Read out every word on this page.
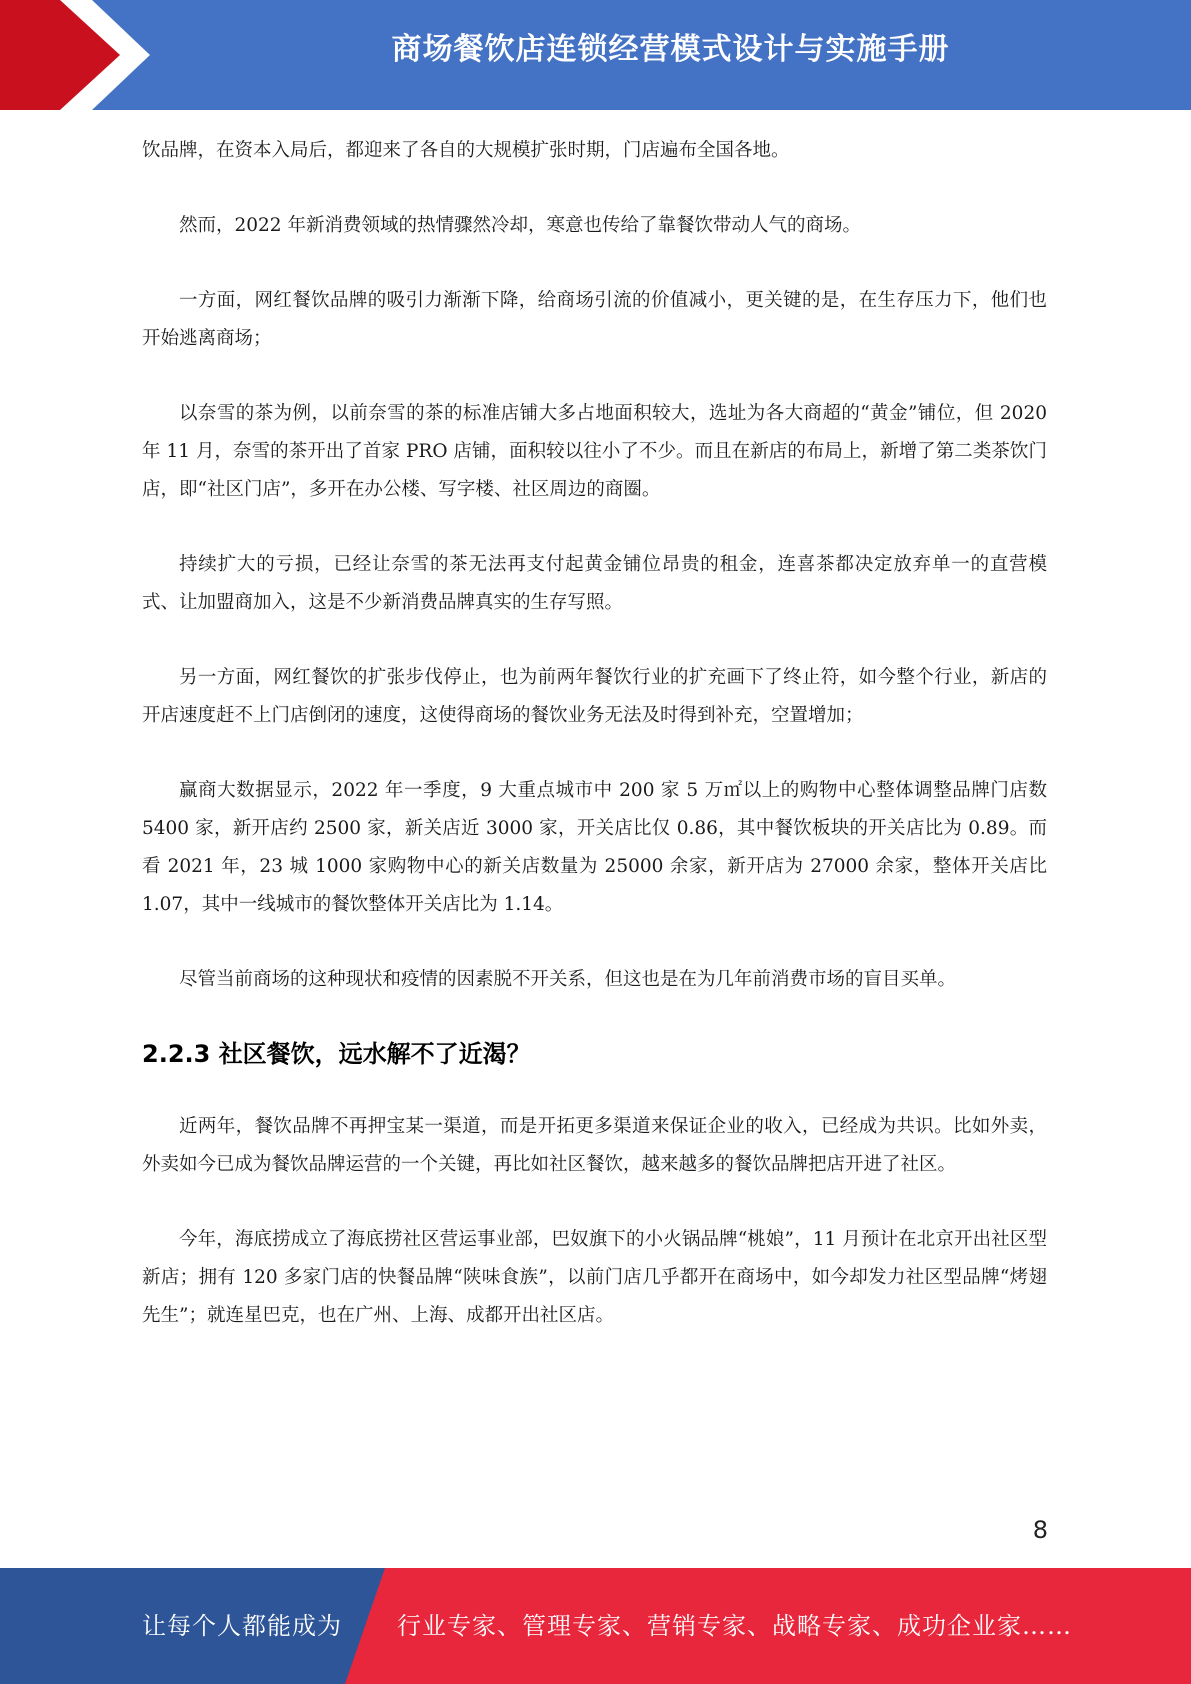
商场餐饮店连锁经营模式设计与实施手册

饮品牌，在资本入局后，都迎来了各自的大规模扩张时期，门店遍布全国各地。

然而，2022 年新消费领域的热情骤然冷却，寒意也传给了靠餐饮带动人气的商场。

一方面，网红餐饮品牌的吸引力渐渐下降，给商场引流的价值减小，更关键的是，在生存压力下，他们也开始逃离商场；

以奈雪的茶为例，以前奈雪的茶的标准店铺大多占地面积较大，选址为各大商超的“黄金”铺位，但 2020 年 11 月，奈雪的茶开出了首家 PRO 店铺，面积较以往小了不少。而且在新店的布局上，新增了第二类茶饮门店，即“社区门店”，多开在办公楼、写字楼、社区周边的商圈。

持续扩大的亏损，已经让奈雪的茶无法再支付起黄金铺位昂贵的租金，连喜茶都决定放弃单一的直营模式、让加盟商加入，这是不少新消费品牌真实的生存写照。

另一方面，网红餐饮的扩张步伐停止，也为前两年餐饮行业的扩充画下了终止符，如今整个行业，新店的开店速度赶不上门店倒闭的速度，这使得商场的餐饮业务无法及时得到补充，空置增加；

赢商大数据显示，2022 年一季度，9 大重点城市中 200 家 5 万㎡以上的购物中心整体调整品牌门店数 5400 家，新开店约 2500 家，新关店近 3000 家，开关店比仅 0.86，其中餐饮板块的开关店比为 0.89。而看 2021 年，23 城 1000 家购物中心的新关店数量为 25000 余家，新开店为 27000 余家，整体开关店比 1.07，其中一线城市的餐饮整体开关店比为 1.14。

尽管当前商场的这种现状和疫情的因素脱不开关系，但这也是在为几年前消费市场的盲目买单。

2.2.3 社区餐饮，远水解不了近渴？

近两年，餐饮品牌不再押宝某一渠道，而是开拓更多渠道来保证企业的收入，已经成为共识。比如外卖，外卖如今已成为餐饮品牌运营的一个关键，再比如社区餐饮，越来越多的餐饮品牌把店开进了社区。

今年，海底捞成立了海底捞社区营运事业部，巴奴旗下的小火锅品牌“桃娘”，11 月预计在北京开出社区型新店；拥有 120 多家门店的快餐品牌“陕味食族”，以前门店几乎都开在商场中，如今却发力社区型品牌“烤翅先生”；就连星巴克，也在广州、上海、成都开出社区店。

8
让每个人都能成为 行业专家、管理专家、营销专家、战略专家、成功企业家……
